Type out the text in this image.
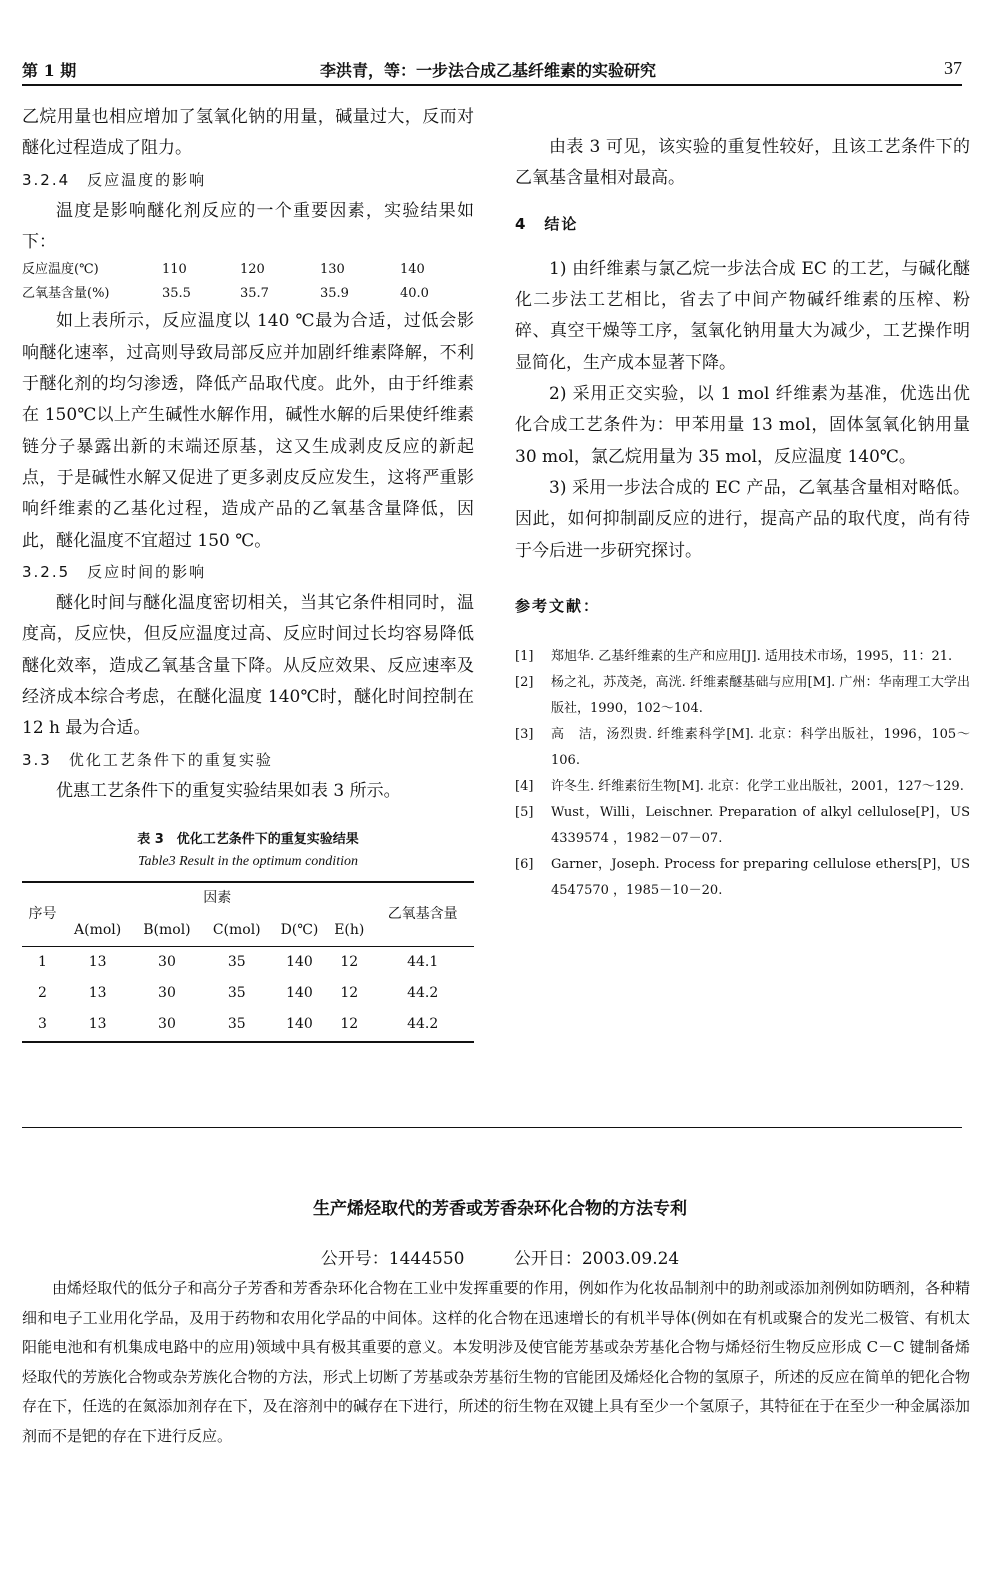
第 1 期	李洪青，等：一步法合成乙基纤维素的实验研究	37

乙烷用量也相应增加了氢氧化钠的用量，碱量过大，反而对醚化过程造成了阻力。

3.2.4　反应温度的影响

温度是影响醚化剂反应的一个重要因素，实验结果如下：

反应温度(℃)	110	120	130	140
乙氧基含量(%)	35.5	35.7	35.9	40.0

如上表所示，反应温度以 140 ℃最为合适，过低会影响醚化速率，过高则导致局部反应并加剧纤维素降解，不利于醚化剂的均匀渗透，降低产品取代度。此外，由于纤维素在 150℃以上产生碱性水解作用，碱性水解的后果使纤维素链分子暴露出新的末端还原基，这又生成剥皮反应的新起点，于是碱性水解又促进了更多剥皮反应发生，这将严重影响纤维素的乙基化过程，造成产品的乙氧基含量降低，因此，醚化温度不宜超过 150 ℃。

3.2.5　反应时间的影响

醚化时间与醚化温度密切相关，当其它条件相同时，温度高，反应快，但反应温度过高、反应时间过长均容易降低醚化效率，造成乙氧基含量下降。从反应效果、反应速率及经济成本综合考虑，在醚化温度 140℃时，醚化时间控制在 12 h 最为合适。

3.3　优化工艺条件下的重复实验

优惠工艺条件下的重复实验结果如表 3 所示。

表 3　优化工艺条件下的重复实验结果
Table3 Result in the optimum condition
序号	因素					乙氧基含量
	A(mol)	B(mol)	C(mol)	D(℃)	E(h)	
1	13	30	35	140	12	44.1
2	13	30	35	140	12	44.2
3	13	30	35	140	12	44.2

由表 3 可见，该实验的重复性较好，且该工艺条件下的乙氧基含量相对最高。

4　结论

1) 由纤维素与氯乙烷一步法合成 EC 的工艺，与碱化醚化二步法工艺相比，省去了中间产物碱纤维素的压榨、粉碎、真空干燥等工序，氢氧化钠用量大为减少，工艺操作明显简化，生产成本显著下降。

2) 采用正交实验，以 1 mol 纤维素为基准，优选出优化合成工艺条件为：甲苯用量 13 mol，固体氢氧化钠用量 30 mol，氯乙烷用量为 35 mol，反应温度 140℃。

3) 采用一步法合成的 EC 产品，乙氧基含量相对略低。因此，如何抑制副反应的进行，提高产品的取代度，尚有待于今后进一步研究探讨。

参考文献：

[1]	郑旭华. 乙基纤维素的生产和应用[J]. 适用技术市场，1995，11：21.
[2]	杨之礼，苏茂尧，高洸. 纤维素醚基础与应用[M]. 广州：华南理工大学出版社，1990，102～104.
[3]	高　洁，汤烈贵. 纤维素科学[M]. 北京：科学出版社，1996，105～106.
[4]	许冬生. 纤维素衍生物[M]. 北京：化学工业出版社，2001，127～129.
[5]	Wust，Willi，Leischner. Preparation of alkyl cellulose[P]，US 4339574 ，1982－07－07.
[6]	Garner，Joseph. Process for preparing cellulose ethers[P]，US 4547570 ，1985－10－20.
生产烯烃取代的芳香或芳香杂环化合物的方法专利
公开号：1444550	公开日：2003.09.24
由烯烃取代的低分子和高分子芳香和芳香杂环化合物在工业中发挥重要的作用，例如作为化妆品制剂中的助剂或添加剂例如防晒剂，各种精细和电子工业用化学品，及用于药物和农用化学品的中间体。这样的化合物在迅速增长的有机半导体(例如在有机或聚合的发光二极管、有机太阳能电池和有机集成电路中的应用)领域中具有极其重要的意义。本发明涉及使官能芳基或杂芳基化合物与烯烃衍生物反应形成 C－C 键制备烯烃取代的芳族化合物或杂芳族化合物的方法，形式上切断了芳基或杂芳基衍生物的官能团及烯烃化合物的氢原子，所述的反应在简单的钯化合物存在下，任选的在氮添加剂存在下，及在溶剂中的碱存在下进行，所述的衍生物在双键上具有至少一个氢原子，其特征在于在至少一种金属添加剂而不是钯的存在下进行反应。
